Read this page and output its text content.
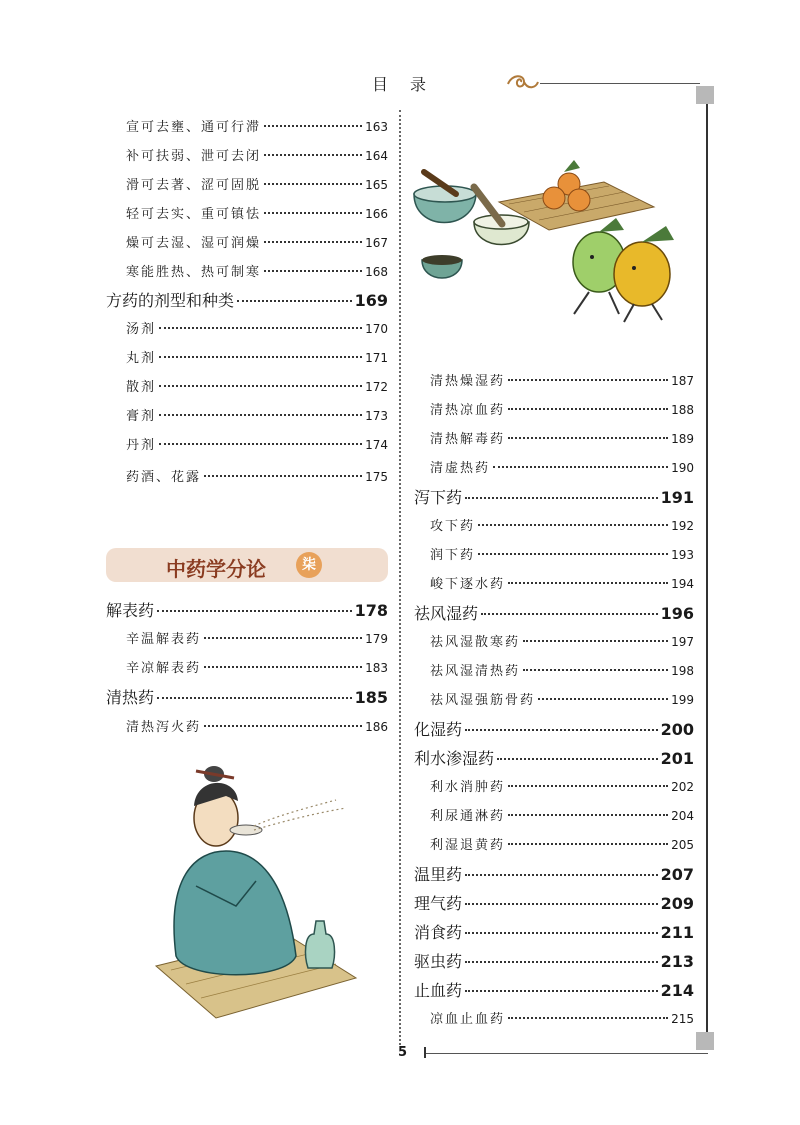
目录
宣可去壅、通可行滞	163
补可扶弱、泄可去闭	164
滑可去著、涩可固脱	165
轻可去实、重可镇怯	166
燥可去湿、湿可润燥	167
寒能胜热、热可制寒	168
方药的剂型和种类	169
汤剂	170
丸剂	171
散剂	172
膏剂	173
丹剂	174
药酒、花露	175
中药学分论	柒
解表药	178
辛温解表药	179
辛凉解表药	183
清热药	185
清热泻火药	186
清热燥湿药	187
清热凉血药	188
清热解毒药	189
清虚热药	190
泻下药	191
攻下药	192
润下药	193
峻下逐水药	194
祛风湿药	196
祛风湿散寒药	197
祛风湿清热药	198
祛风湿强筋骨药	199
化湿药	200
利水渗湿药	201
利水消肿药	202
利尿通淋药	204
利湿退黄药	205
温里药	207
理气药	209
消食药	211
驱虫药	213
止血药	214
凉血止血药	215
5
